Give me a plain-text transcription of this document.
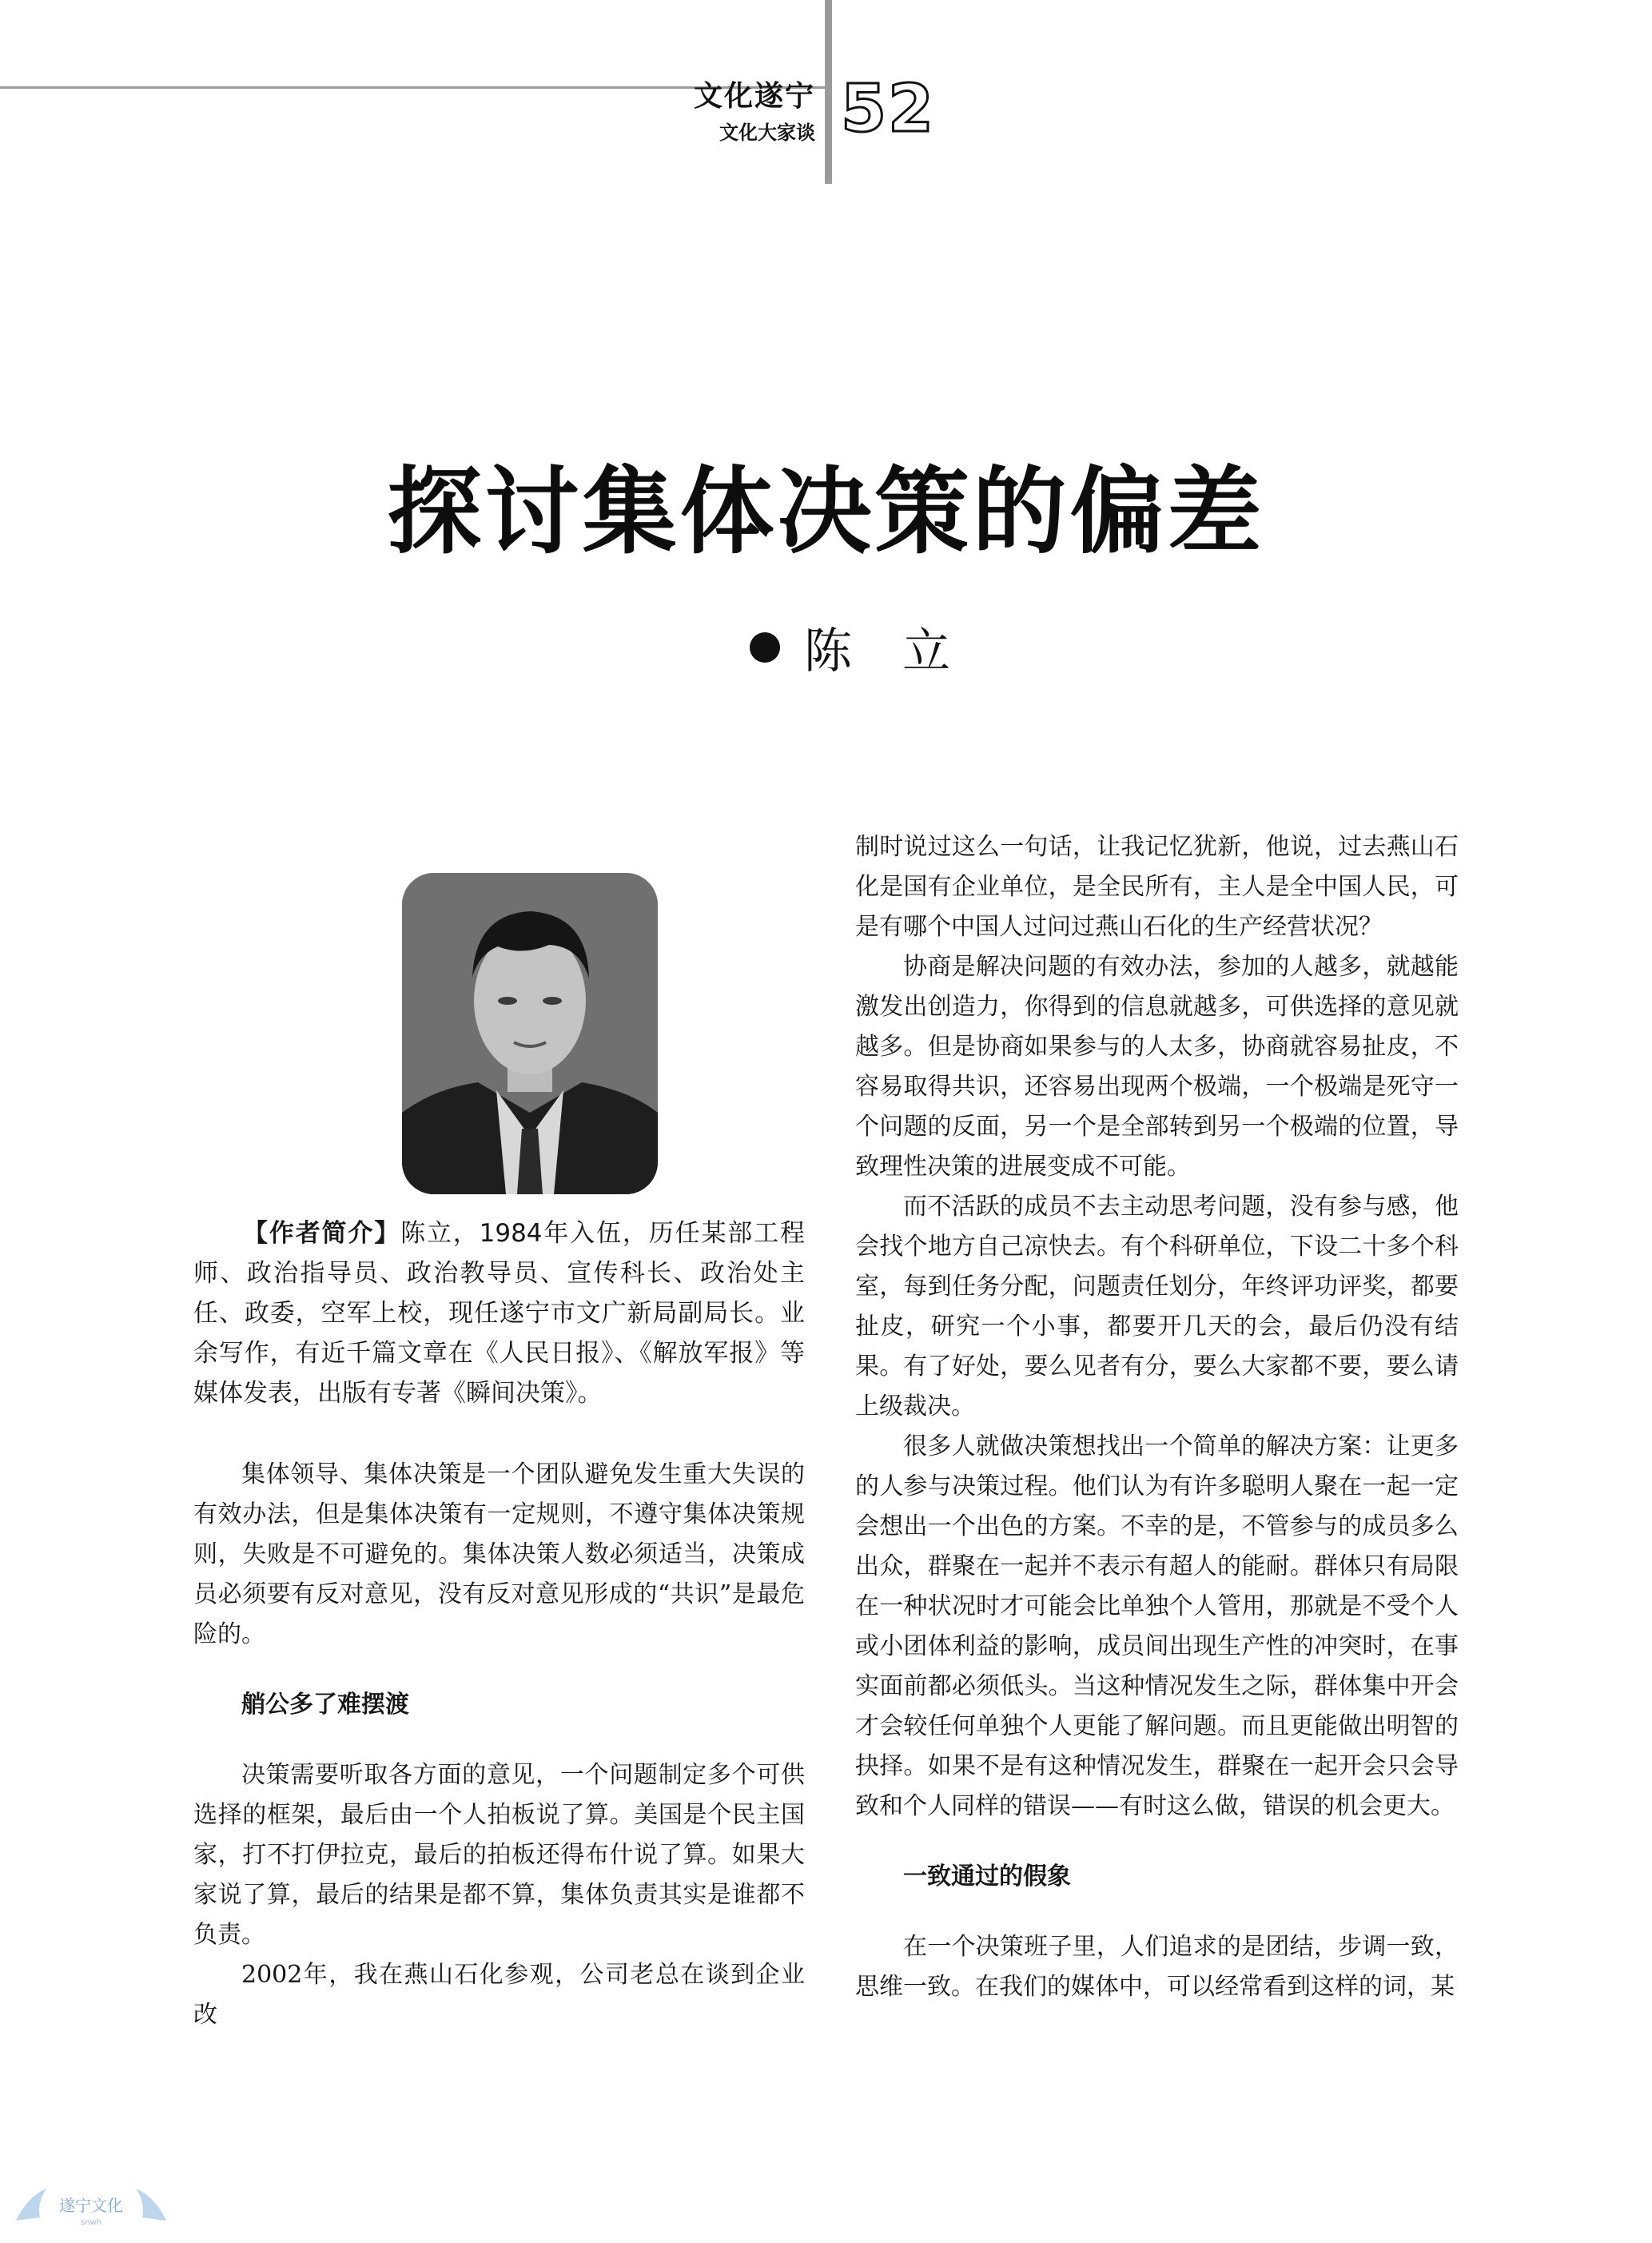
文化遂宁
文化大家谈 52
探讨集体决策的偏差
陈 立

【作者简介】陈立，1984年入伍，历任某部工程师、政治指导员、政治教导员、宣传科长、政治处主任、政委，空军上校，现任遂宁市文广新局副局长。业余写作，有近千篇文章在《人民日报》、《解放军报》等媒体发表，出版有专著《瞬间决策》。

集体领导、集体决策是一个团队避免发生重大失误的有效办法，但是集体决策有一定规则，不遵守集体决策规则，失败是不可避免的。集体决策人数必须适当，决策成员必须要有反对意见，没有反对意见形成的“共识”是最危险的。

艄公多了难摆渡

决策需要听取各方面的意见，一个问题制定多个可供选择的框架，最后由一个人拍板说了算。美国是个民主国家，打不打伊拉克，最后的拍板还得布什说了算。如果大家说了算，最后的结果是都不算，集体负责其实是谁都不负责。

2002年，我在燕山石化参观，公司老总在谈到企业改

制时说过这么一句话，让我记忆犹新，他说，过去燕山石化是国有企业单位，是全民所有，主人是全中国人民，可是有哪个中国人过问过燕山石化的生产经营状况？

协商是解决问题的有效办法，参加的人越多，就越能激发出创造力，你得到的信息就越多，可供选择的意见就越多。但是协商如果参与的人太多，协商就容易扯皮，不容易取得共识，还容易出现两个极端，一个极端是死守一个问题的反面，另一个是全部转到另一个极端的位置，导致理性决策的进展变成不可能。

而不活跃的成员不去主动思考问题，没有参与感，他会找个地方自己凉快去。有个科研单位，下设二十多个科室，每到任务分配，问题责任划分，年终评功评奖，都要扯皮，研究一个小事，都要开几天的会，最后仍没有结果。有了好处，要么见者有分，要么大家都不要，要么请上级裁决。

很多人就做决策想找出一个简单的解决方案：让更多的人参与决策过程。他们认为有许多聪明人聚在一起一定会想出一个出色的方案。不幸的是，不管参与的成员多么出众，群聚在一起并不表示有超人的能耐。群体只有局限在一种状况时才可能会比单独个人管用，那就是不受个人或小团体利益的影响，成员间出现生产性的冲突时，在事实面前都必须低头。当这种情况发生之际，群体集中开会才会较任何单独个人更能了解问题。而且更能做出明智的抉择。如果不是有这种情况发生，群聚在一起开会只会导致和个人同样的错误——有时这么做，错误的机会更大。

一致通过的假象

在一个决策班子里，人们追求的是团结，步调一致，思维一致。在我们的媒体中，可以经常看到这样的词，某

遂宁文化
snwh
